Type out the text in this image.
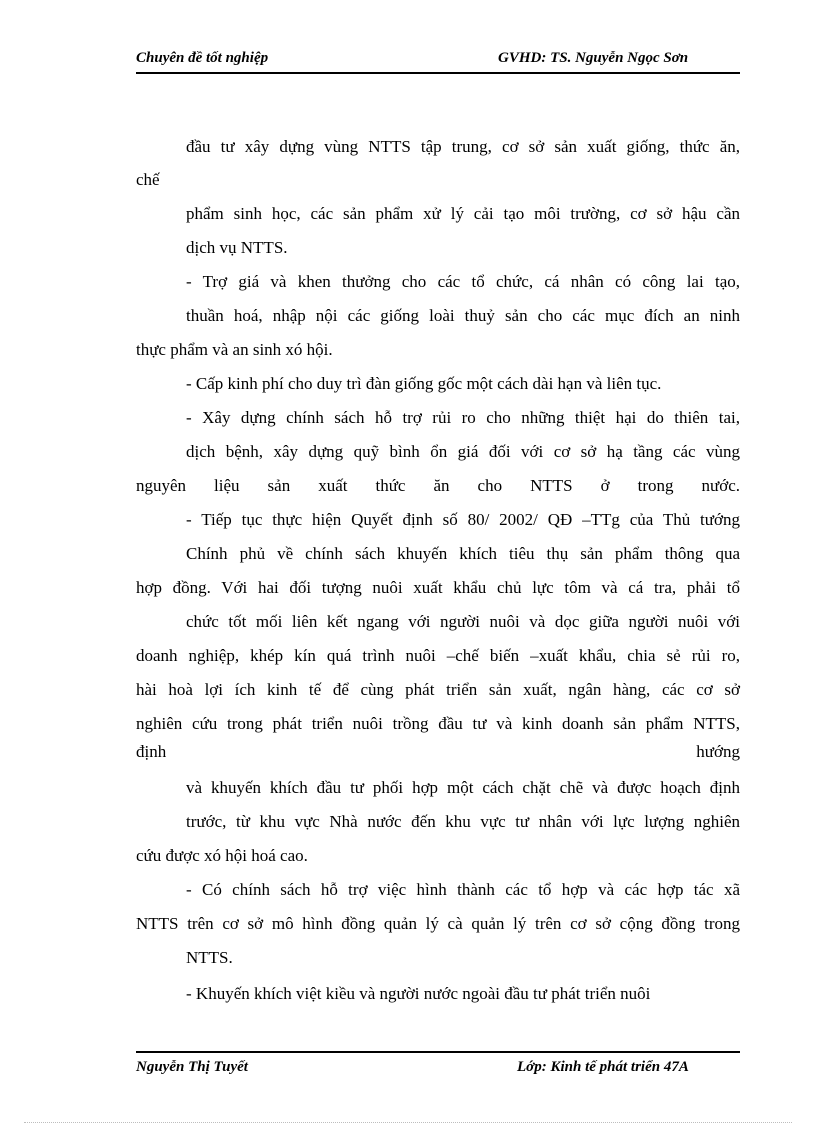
Chuyên đề tốt nghiệp	GVHD: TS. Nguyễn Ngọc Sơn
đầu tư xây dựng vùng NTTS tập trung, cơ sở sản xuất giống, thức ăn,
chế
phẩm sinh học, các sản phẩm xử lý cải tạo môi trường, cơ sở hậu cần
dịch vụ NTTS.
- Trợ giá và khen thưởng cho các tổ chức, cá nhân có công lai tạo,
thuần hoá, nhập nội các giống loài thuỷ sản cho các mục đích an ninh
thực phẩm và an sinh xó hội.
- Cấp kinh phí cho duy trì đàn giống gốc một cách dài hạn và liên tục.
- Xây dựng chính sách hỗ trợ rủi ro cho những thiệt hại do thiên tai,
dịch bệnh, xây dựng quỹ bình ổn giá đối với cơ sở hạ tầng các vùng
nguyên liệu sản xuất thức ăn cho NTTS ở trong nước.
- Tiếp tục thực hiện Quyết định số 80/ 2002/ QĐ –TTg của Thủ tướng
Chính phủ về chính sách khuyến khích tiêu thụ sản phẩm thông qua
hợp đồng. Với hai đối tượng nuôi xuất khẩu chủ lực tôm và cá tra, phải tổ
chức tốt mối liên kết ngang với người nuôi và dọc giữa người nuôi với
doanh nghiệp, khép kín quá trình nuôi –chế biến –xuất khẩu, chia sẻ rủi ro,
hài hoà lợi ích kinh tế để cùng phát triển sản xuất, ngân hàng, các cơ sở
nghiên cứu trong phát triển nuôi trồng đầu tư và kinh doanh sản phẩm NTTS,
định hướng
và khuyến khích đầu tư phối hợp một cách chặt chẽ và được hoạch định
trước, từ khu vực Nhà nước đến khu vực tư nhân với lực lượng nghiên
cứu được xó hội hoá cao.
- Có chính sách hỗ trợ việc hình thành các tổ hợp và các hợp tác xã
NTTS trên cơ sở mô hình đồng quản lý cà quản lý trên cơ sở cộng đồng trong
NTTS.
- Khuyến khích việt kiều và người nước ngoài đầu tư phát triển nuôi
Nguyễn Thị Tuyết	Lớp: Kinh tế phát triển 47A
